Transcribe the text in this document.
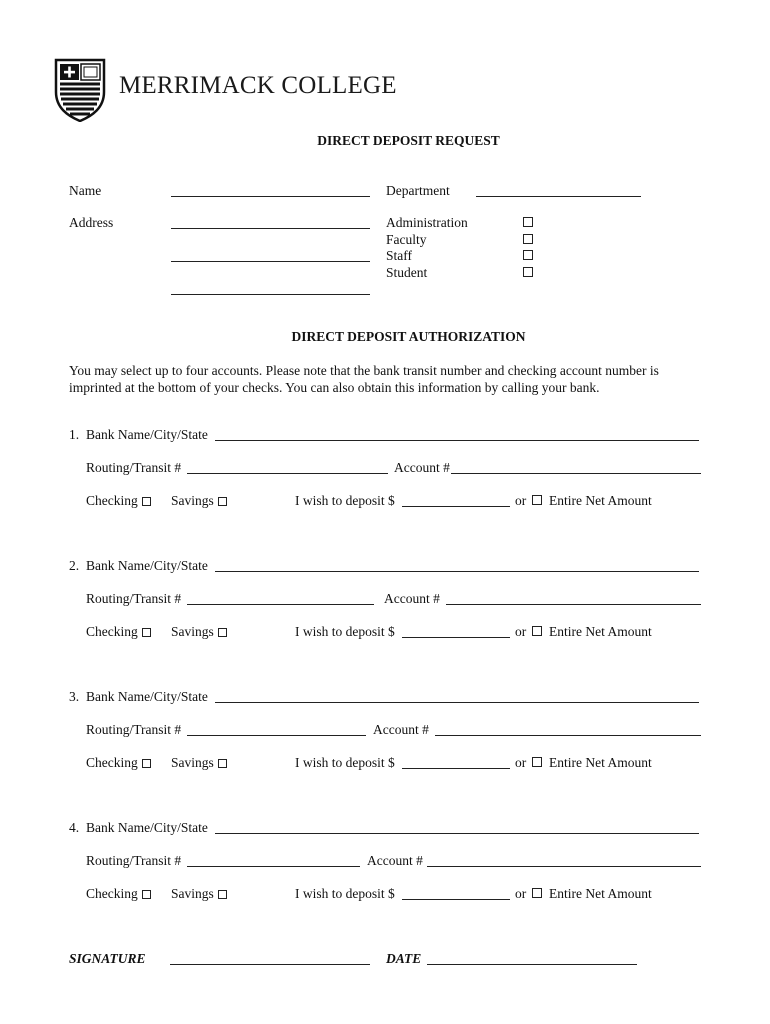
MERRIMACK COLLEGE
DIRECT DEPOSIT REQUEST
Name	Department
Address	Administration
Faculty
Staff
Student
DIRECT DEPOSIT AUTHORIZATION
You may select up to four accounts. Please note that the bank transit number and checking account number is imprinted at the bottom of your checks. You can also obtain this information by calling your bank.
1. Bank Name/City/State
Routing/Transit #	Account #
Checking	Savings	I wish to deposit $	or Entire Net Amount
2. Bank Name/City/State
Routing/Transit #	Account #
Checking	Savings	I wish to deposit $	or Entire Net Amount
3. Bank Name/City/State
Routing/Transit #	Account #
Checking	Savings	I wish to deposit $	or Entire Net Amount
4. Bank Name/City/State
Routing/Transit #	Account #
Checking	Savings	I wish to deposit $	or Entire Net Amount
SIGNATURE	DATE
